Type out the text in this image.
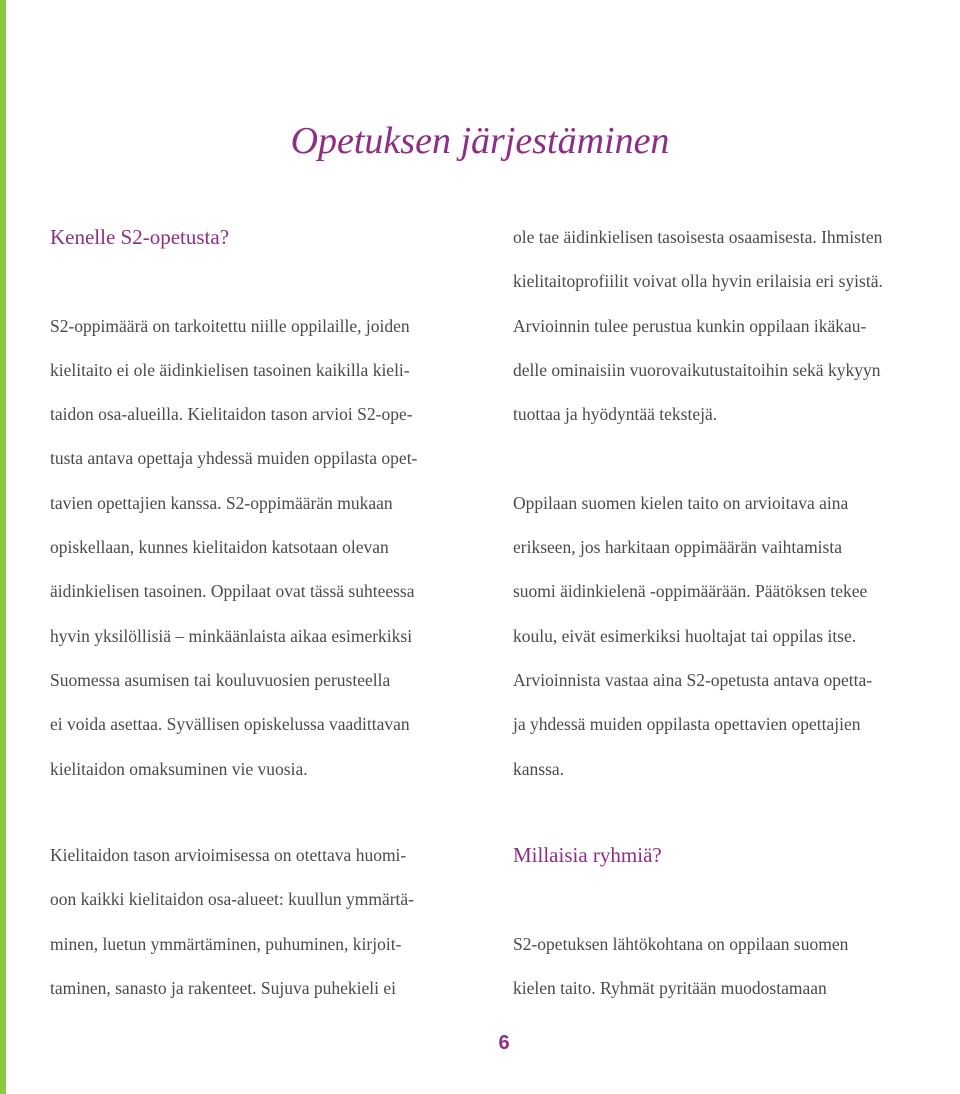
Opetuksen järjestäminen
Kenelle S2-opetusta?

S2-oppimäärä on tarkoitettu niille oppilaille, joiden
kielitaito ei ole äidinkielisen tasoinen kaikilla kieli-
taidon osa-alueilla. Kielitaidon tason arvioi S2-ope-
tusta antava opettaja yhdessä muiden oppilasta opet-
tavien opettajien kanssa. S2-oppimäärän mukaan
opiskellaan, kunnes kielitaidon katsotaan olevan
äidinkielisen tasoinen. Oppilaat ovat tässä suhteessa
hyvin yksilöllisiä – minkäänlaista aikaa esimerkiksi
Suomessa asumisen tai kouluvuosien perusteella
ei voida asettaa. Syvällisen opiskelussa vaadittavan
kielitaidon omaksuminen vie vuosia.

ole tae äidinkielisen tasoisesta osaamisesta. Ihmisten
kielitaitoprofiilit voivat olla hyvin erilaisia eri syistä.
Arvioinnin tulee perustua kunkin oppilaan ikäkau-
delle ominaisiin vuorovaikutustaitoihin sekä kykyyn
tuottaa ja hyödyntää tekstejä.

Oppilaan suomen kielen taito on arvioitava aina
erikseen, jos harkitaan oppimäärän vaihtamista
suomi äidinkielenä -oppimäärään. Päätöksen tekee
koulu, eivät esimerkiksi huoltajat tai oppilas itse.
Arvioinnista vastaa aina S2-opetusta antava opetta-
ja yhdessä muiden oppilasta opettavien opettajien
kanssa.

Kielitaidon tason arvioimisessa on otettava huomi-
oon kaikki kielitaidon osa-alueet: kuullun ymmärtä-
minen, luetun ymmärtäminen, puhuminen, kirjoit-
taminen, sanasto ja rakenteet. Sujuva puhekieli ei

Millaisia ryhmiä?

S2-opetuksen lähtökohtana on oppilaan suomen
kielen taito. Ryhmät pyritään muodostamaan

6
